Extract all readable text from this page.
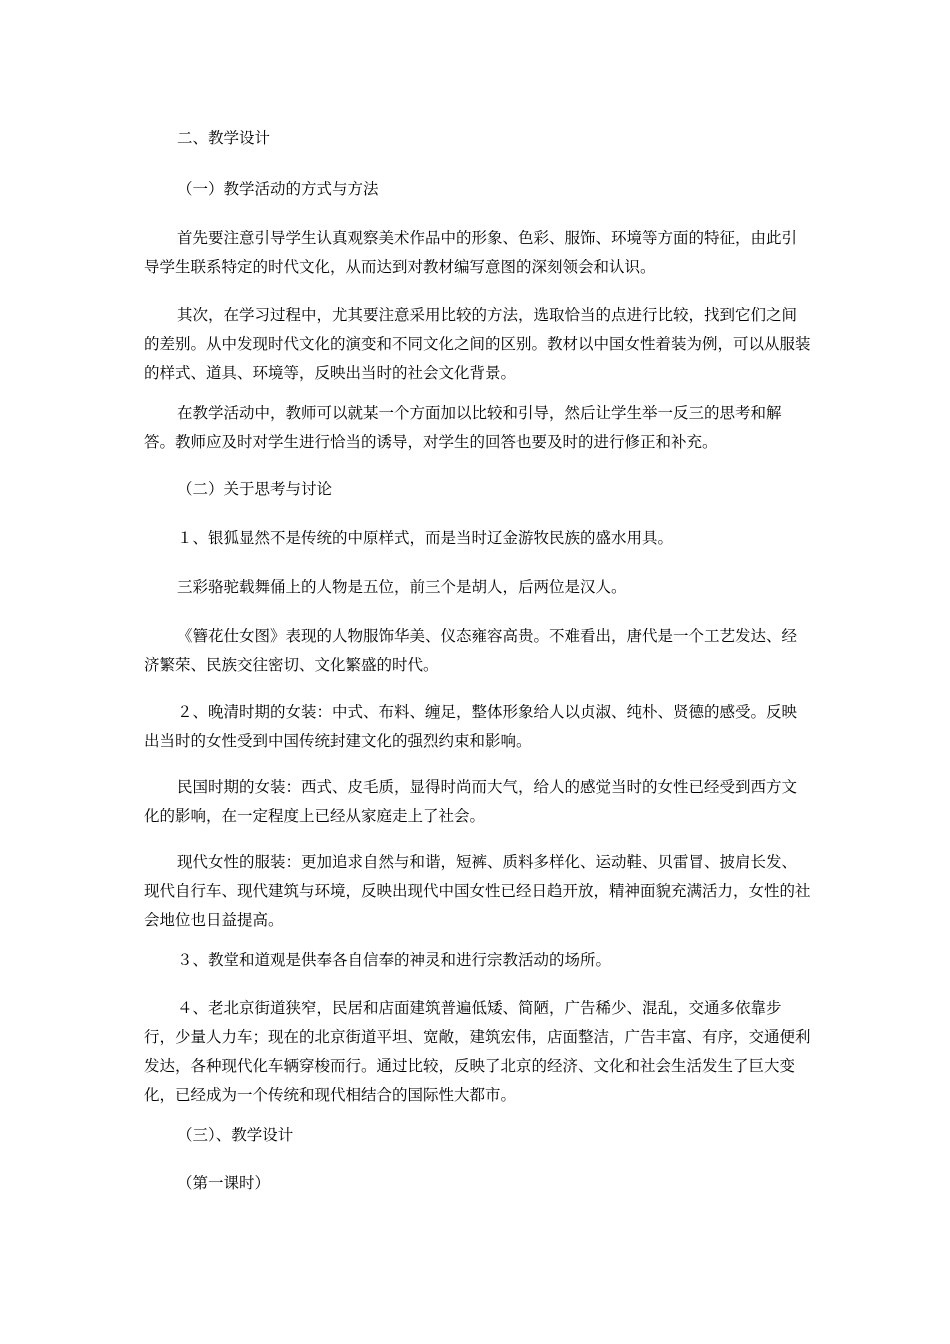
二、教学设计

（一）教学活动的方式与方法

首先要注意引导学生认真观察美术作品中的形象、色彩、服饰、环境等方面的特征，由此引导学生联系特定的时代文化，从而达到对教材编写意图的深刻领会和认识。

其次，在学习过程中，尤其要注意采用比较的方法，选取恰当的点进行比较，找到它们之间的差别。从中发现时代文化的演变和不同文化之间的区别。教材以中国女性着装为例，可以从服装的样式、道具、环境等，反映出当时的社会文化背景。

在教学活动中，教师可以就某一个方面加以比较和引导，然后让学生举一反三的思考和解答。教师应及时对学生进行恰当的诱导，对学生的回答也要及时的进行修正和补充。

（二）关于思考与讨论

１、银狐显然不是传统的中原样式，而是当时辽金游牧民族的盛水用具。

三彩骆驼载舞俑上的人物是五位，前三个是胡人，后两位是汉人。

《簪花仕女图》表现的人物服饰华美、仪态雍容高贵。不难看出，唐代是一个工艺发达、经济繁荣、民族交往密切、文化繁盛的时代。

２、晚清时期的女装：中式、布料、缠足，整体形象给人以贞淑、纯朴、贤德的感受。反映出当时的女性受到中国传统封建文化的强烈约束和影响。

民国时期的女装：西式、皮毛质，显得时尚而大气，给人的感觉当时的女性已经受到西方文化的影响，在一定程度上已经从家庭走上了社会。

现代女性的服装：更加追求自然与和谐，短裤、质料多样化、运动鞋、贝雷冒、披肩长发、现代自行车、现代建筑与环境，反映出现代中国女性已经日趋开放，精神面貌充满活力，女性的社会地位也日益提高。

３、教堂和道观是供奉各自信奉的神灵和进行宗教活动的场所。

４、老北京街道狭窄，民居和店面建筑普遍低矮、简陋，广告稀少、混乱，交通多依靠步行，少量人力车；现在的北京街道平坦、宽敞，建筑宏伟，店面整洁，广告丰富、有序，交通便利发达，各种现代化车辆穿梭而行。通过比较，反映了北京的经济、文化和社会生活发生了巨大变化，已经成为一个传统和现代相结合的国际性大都市。

（三）、教学设计

（第一课时）
